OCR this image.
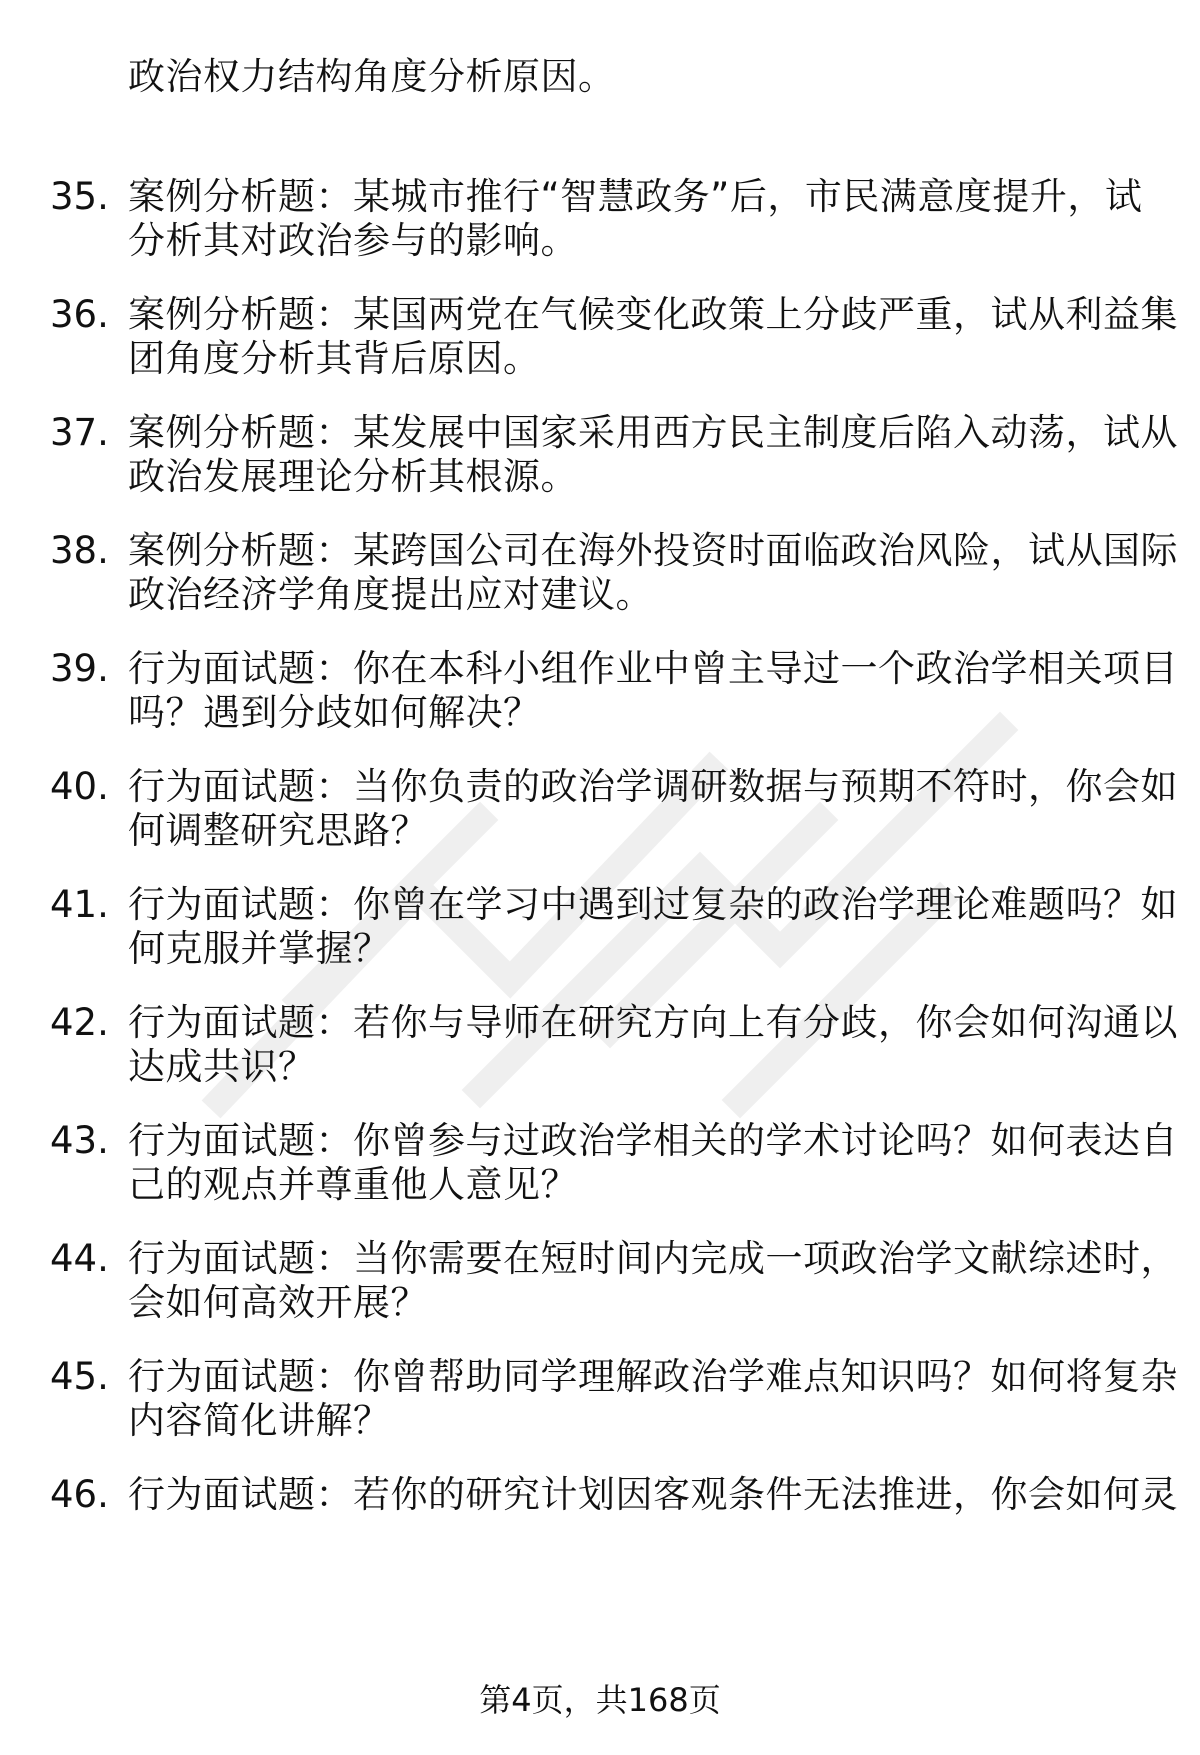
政治权力结构角度分析原因。
35. 案例分析题：某城市推行“智慧政务”后，市民满意度提升，试
分析其对政治参与的影响。
36. 案例分析题：某国两党在气候变化政策上分歧严重，试从利益集
团角度分析其背后原因。
37. 案例分析题：某发展中国家采用西方民主制度后陷入动荡，试从
政治发展理论分析其根源。
38. 案例分析题：某跨国公司在海外投资时面临政治风险，试从国际
政治经济学角度提出应对建议。
39. 行为面试题：你在本科小组作业中曾主导过一个政治学相关项目
吗？遇到分歧如何解决？
40. 行为面试题：当你负责的政治学调研数据与预期不符时，你会如
何调整研究思路？
41. 行为面试题：你曾在学习中遇到过复杂的政治学理论难题吗？如
何克服并掌握？
42. 行为面试题：若你与导师在研究方向上有分歧，你会如何沟通以
达成共识？
43. 行为面试题：你曾参与过政治学相关的学术讨论吗？如何表达自
己的观点并尊重他人意见？
44. 行为面试题：当你需要在短时间内完成一项政治学文献综述时，
会如何高效开展？
45. 行为面试题：你曾帮助同学理解政治学难点知识吗？如何将复杂
内容简化讲解？
46. 行为面试题：若你的研究计划因客观条件无法推进，你会如何灵
第4页，共168页
